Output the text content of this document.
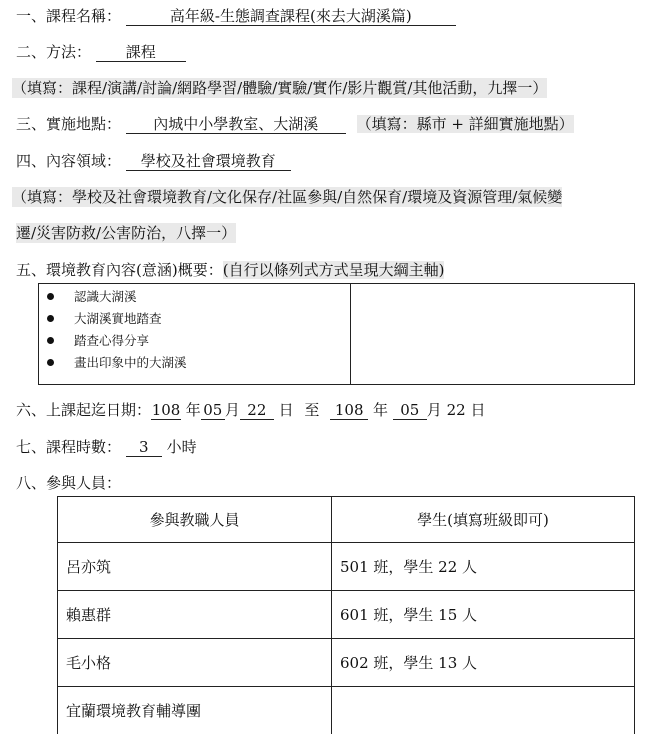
一、課程名稱：	高年級-生態調查課程(來去大湖溪篇)
二、方法： 課程
（填寫：課程/演講/討論/網路學習/體驗/實驗/實作/影片觀賞/其他活動，九擇一）
三、實施地點： 內城中小學教室、大湖溪	（填寫：縣市 + 詳細實施地點）
四、內容領域： 學校及社會環境教育
（填寫：學校及社會環境教育/文化保存/社區參與/自然保育/環境及資源管理/氣候變
遷/災害防救/公害防治，八擇一）
五、環境教育內容(意涵)概要：(自行以條列式方式呈現大綱主軸)
認識大湖溪
大湖溪實地踏查
踏查心得分享
畫出印象中的大湖溪
六、上課起迄日期：108 年 05 月 22 日 至 108 年 05 月 22 日
七、課程時數： 3 小時
八、參與人員：
參與教職人員	學生(填寫班級即可)
呂亦筑	501 班，學生 22 人
賴惠群	601 班，學生 15 人
毛小格	602 班，學生 13 人
宜蘭環境教育輔導團	
